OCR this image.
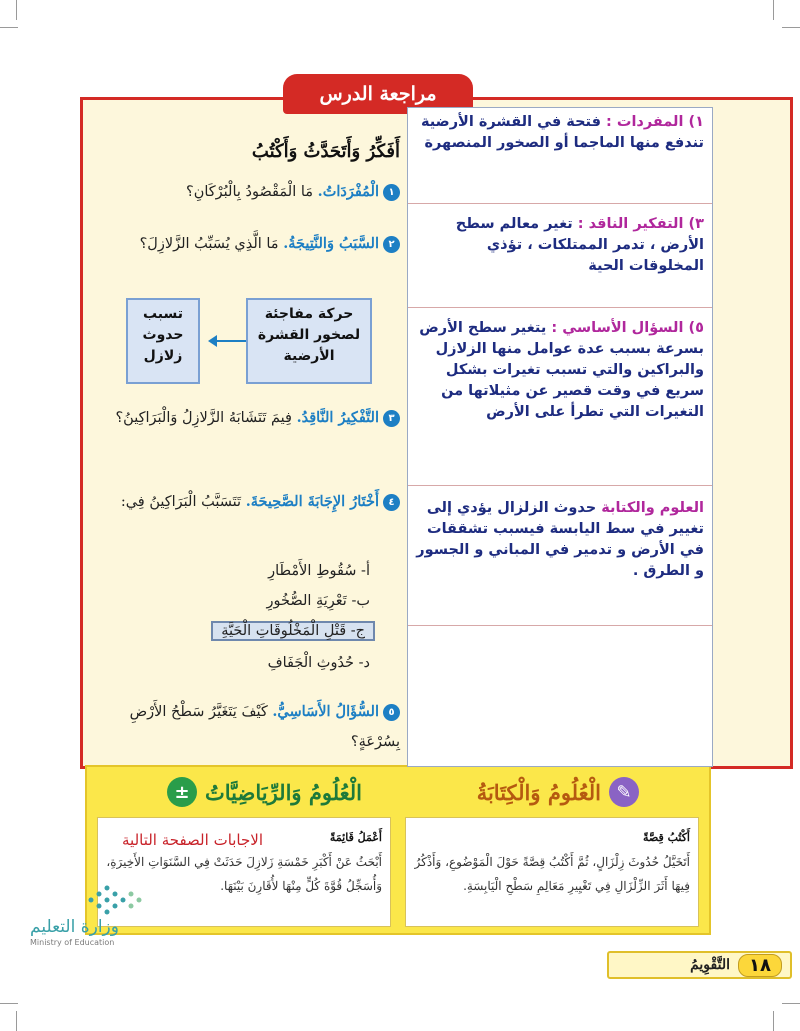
مراجعة الدرس
أَفَكِّرُ وَأَتَحَدَّثُ وَأَكْتُبُ
١الْمُفْرَدَاتُ. مَا الْمَقْصُودُ بِالْبُرْكَانِ؟
٢السَّبَبُ وَالنَّتِيجَةُ. مَا الَّذِي يُسَبِّبُ الزَّلازِلَ؟
حركة مفاجئة لصخور القشرة الأرضية
تسبب حدوث زلازل
٣التَّفْكِيرُ النَّاقِدُ. فِيمَ تَتَشَابَهُ الزَّلازِلُ وَالْبَرَاكِينُ؟
٤أَخْتَارُ الإِجَابَةَ الصَّحِيحَةَ. تَتَسَبَّبُ الْبَرَاكِينُ فِي:
أ- سُقُوطِ الأَمْطَارِ
ب- تَعْرِيَةِ الصُّخُورِ
ج- قَتْلِ الْمَخْلُوقَاتِ الْحَيَّةِ
د- حُدُوثِ الْجَفَافِ
٥السُّؤَالُ الأَسَاسِيُّ. كَيْفَ يَتَغَيَّرُ سَطْحُ الأَرْضِ بِسُرْعَةٍ؟
١) المفردات : فتحة في القشرة الأرضية تندفع منها الماجما أو الصخور المنصهرة
٣) التفكير الناقد : تغير معالم سطح الأرض ، تدمر الممتلكات ، تؤذي المخلوقات الحية
٥) السؤال الأساسي : يتغير سطح الأرض بسرعة بسبب عدة عوامل منها الزلازل والبراكين والتي تسبب تغيرات بشكل سريع في وقت قصير عن مثيلاتها من التغيرات التي تطرأ على الأرض
العلوم والكتابة حدوث الزلزال يؤدي إلى تغيير في سط اليابسة فيسبب تشققات في الأرض و تدمير في المباني و الجسور و الطرق .
✎
الْعُلُومُ وَالْكِتَابَةُ
الْعُلُومُ وَالرِّيَاضِيَّاتُ
±
أَكْتُبُ قِصَّةً
أَتَخَيَّلُ حُدُوثَ زِلْزَالٍ، ثُمَّ أَكْتُبُ قِصَّةً حَوْلَ الْمَوْضُوعِ، وَأَذْكُرُ فِيهَا أَثَرَ الزِّلْزَالِ فِي تَغْيِيرِ مَعَالِمِ سَطْحِ الْيَابِسَةِ.
أَعْمَلُ قَائِمَةً
الاجابات الصفحة التالية
أَبْحَثُ عَنْ أَكْبَرِ خَمْسَةِ زَلازِلَ حَدَثَتْ فِي السَّنَوَاتِ الأَخِيرَةِ، وَأُسَجِّلُ قُوَّةَ كُلٍّ مِنْهَا لأُقَارِنَ بَيْنَهَا.
وزارة التعليم
Ministry of Education
١٨
التَّقْوِيمُ
